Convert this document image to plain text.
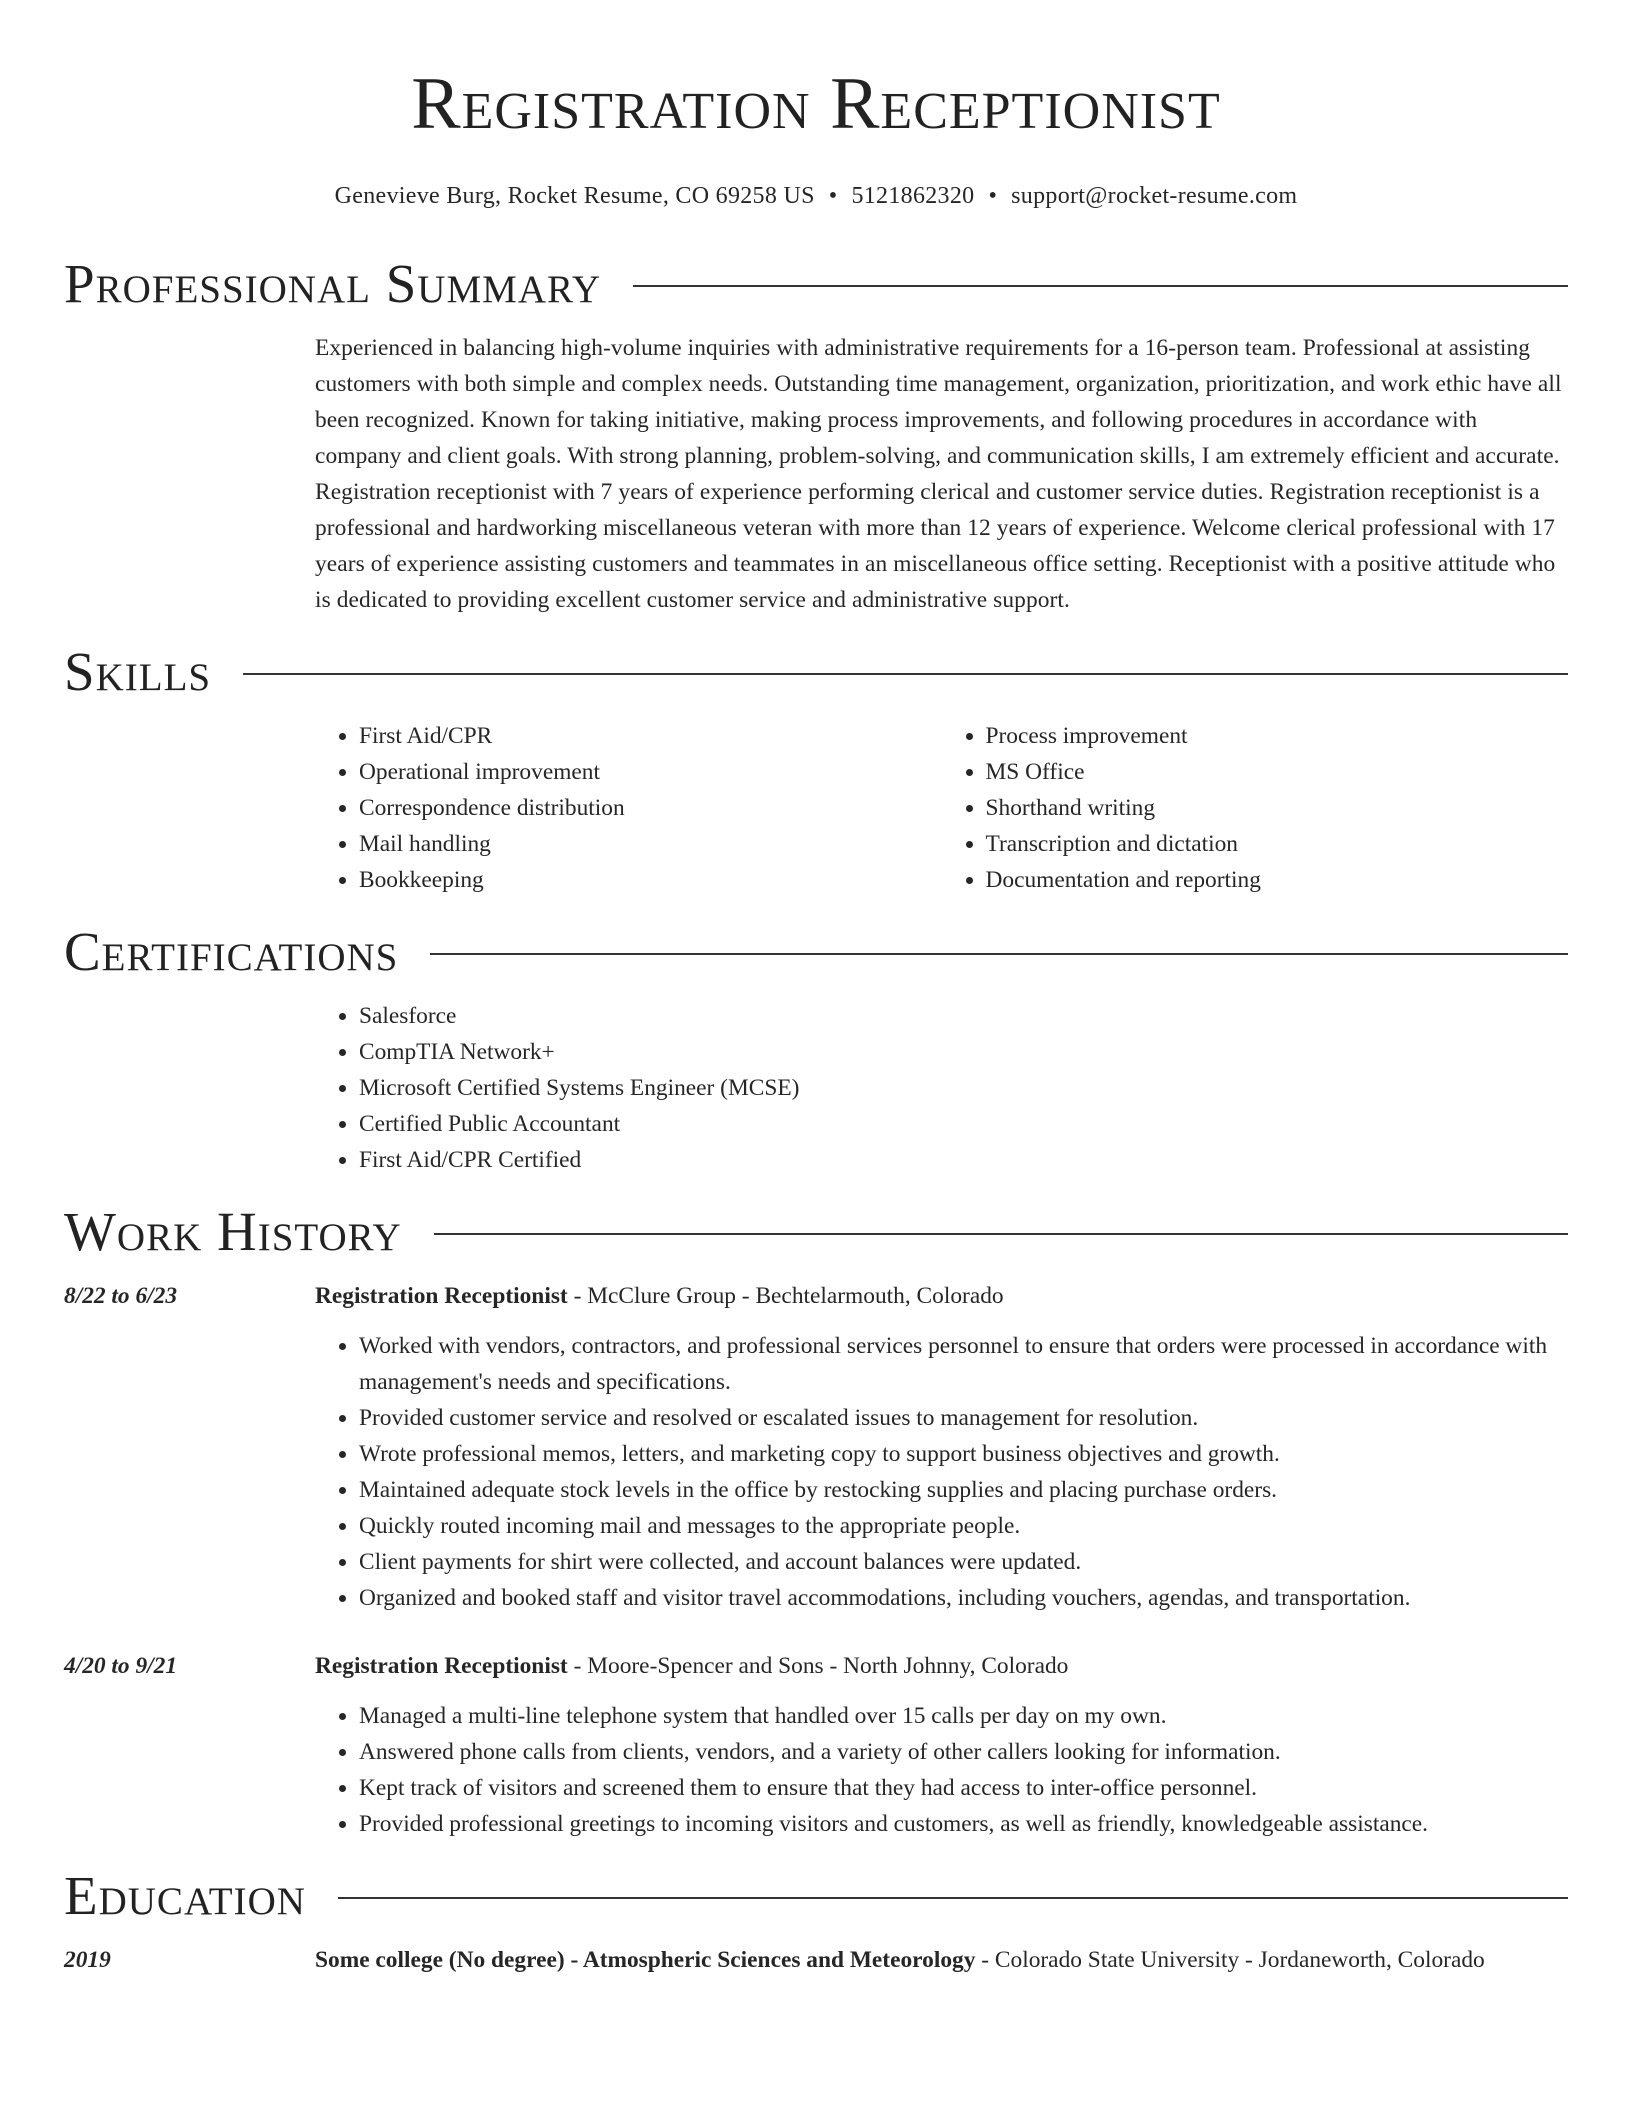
Registration Receptionist
Genevieve Burg, Rocket Resume, CO 69258 US • 5121862320 • support@rocket-resume.com
Professional Summary

Experienced in balancing high-volume inquiries with administrative requirements for a 16-person team. Professional at assisting customers with both simple and complex needs. Outstanding time management, organization, prioritization, and work ethic have all been recognized. Known for taking initiative, making process improvements, and following procedures in accordance with company and client goals. With strong planning, problem-solving, and communication skills, I am extremely efficient and accurate. Registration receptionist with 7 years of experience performing clerical and customer service duties. Registration receptionist is a professional and hardworking miscellaneous veteran with more than 12 years of experience. Welcome clerical professional with 17 years of experience assisting customers and teammates in an miscellaneous office setting. Receptionist with a positive attitude who is dedicated to providing excellent customer service and administrative support.

Skills
• First Aid/CPR
• Operational improvement
• Correspondence distribution
• Mail handling
• Bookkeeping
• Process improvement
• MS Office
• Shorthand writing
• Transcription and dictation
• Documentation and reporting
Certifications
• Salesforce
• CompTIA Network+
• Microsoft Certified Systems Engineer (MCSE)
• Certified Public Accountant
• First Aid/CPR Certified
Work History
8/22 to 6/23	Registration Receptionist - McClure Group - Bechtelarmouth, Colorado
• Worked with vendors, contractors, and professional services personnel to ensure that orders were processed in accordance with management's needs and specifications.
• Provided customer service and resolved or escalated issues to management for resolution.
• Wrote professional memos, letters, and marketing copy to support business objectives and growth.
• Maintained adequate stock levels in the office by restocking supplies and placing purchase orders.
• Quickly routed incoming mail and messages to the appropriate people.
• Client payments for shirt were collected, and account balances were updated.
• Organized and booked staff and visitor travel accommodations, including vouchers, agendas, and transportation.
4/20 to 9/21	Registration Receptionist - Moore-Spencer and Sons - North Johnny, Colorado
• Managed a multi-line telephone system that handled over 15 calls per day on my own.
• Answered phone calls from clients, vendors, and a variety of other callers looking for information.
• Kept track of visitors and screened them to ensure that they had access to inter-office personnel.
• Provided professional greetings to incoming visitors and customers, as well as friendly, knowledgeable assistance.
Education
2019	Some college (No degree) - Atmospheric Sciences and Meteorology - Colorado State University - Jordaneworth, Colorado
